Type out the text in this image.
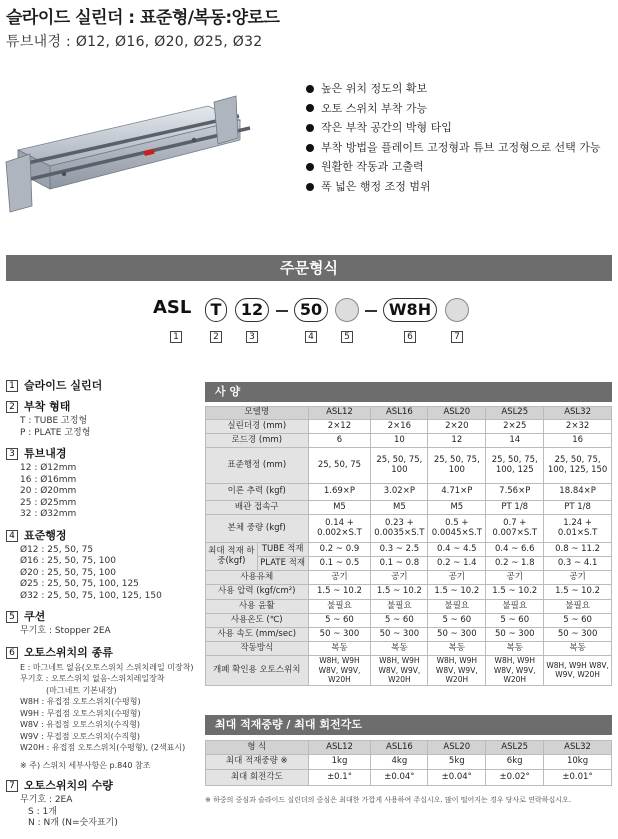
슬라이드 실린더 : 표준형/복동:양로드
튜브내경 : Ø12, Ø16, Ø20, Ø25, Ø32
높은 위치 정도의 확보
오토 스위치 부착 가능
작은 부착 공간의 박형 타입
부착 방법을 플레이트 고정형과 튜브 고정형으로 선택 가능
원활한 작동과 고출력
폭 넓은 행정 조정 범위
주문형식
ASL	T	12	50	W8H
1	2	3	4	5	6	7
1 슬라이드 실린더
2 부착 형태
T : TUBE 고정형
P : PLATE 고정형
3 튜브내경
12 : Ø12mm
16 : Ø16mm
20 : Ø20mm
25 : Ø25mm
32 : Ø32mm
4 표준행정
Ø12 : 25, 50, 75
Ø16 : 25, 50, 75, 100
Ø20 : 25, 50, 75, 100
Ø25 : 25, 50, 75, 100, 125
Ø32 : 25, 50, 75, 100, 125, 150
5 쿠션
무기호 : Stopper 2EA
6 오토스위치의 종류
E : 마그네트 없음(오토스위치 스위치레일 미장착)
무기호 : 오토스위치 없음-스위치레일장착
(마그네트 기본내장)
W8H : 유접점 오토스위치(수평형)
W9H : 무접점 오토스위치(수평형)
W8V : 유접점 오토스위치(수직형)
W9V : 무접점 오토스위치(수직형)
W20H : 유접점 오토스위치(수평형), (2색표시)
※ 주) 스위치 세부사항은 p.840 참조
7 오토스위치의 수량
무기호 : 2EA
S : 1개
N : N개 (N=숫자표기)
사 양
모델명		ASL12	ASL16	ASL20	ASL25	ASL32
실린더경 (mm)		2×12	2×16	2×20	2×25	2×32
로드경 (mm)		6	10	12	14	16
표준행정 (mm)		25, 50, 75	25, 50, 75, 100	25, 50, 75, 100	25, 50, 75, 100, 125	25, 50, 75, 100, 125, 150
이론 추력 (kgf)		1.69×P	3.02×P	4.71×P	7.56×P	18.84×P
배관 접속구		M5	M5	M5	PT 1/8	PT 1/8
본체 중량 (kgf)		0.14 + 0.002×S.T	0.23 + 0.0035×S.T	0.5 + 0.0045×S.T	0.7 + 0.007×S.T	1.24 + 0.01×S.T
최대 적재 하중(kgf)	TUBE 적재	0.2 ~ 0.9	0.3 ~ 2.5	0.4 ~ 4.5	0.4 ~ 6.6	0.8 ~ 11.2
	PLATE 적재	0.1 ~ 0.5	0.1 ~ 0.8	0.2 ~ 1.4	0.2 ~ 1.8	0.3 ~ 4.1
사용유체		공기	공기	공기	공기	공기
사용 압력 (kgf/cm²)		1.5 ~ 10.2	1.5 ~ 10.2	1.5 ~ 10.2	1.5 ~ 10.2	1.5 ~ 10.2
사용 윤활		불필요	불필요	불필요	불필요	불필요
사용온도 (℃)		5 ~ 60	5 ~ 60	5 ~ 60	5 ~ 60	5 ~ 60
사용 속도 (mm/sec)		50 ~ 300	50 ~ 300	50 ~ 300	50 ~ 300	50 ~ 300
작동방식		복동	복동	복동	복동	복동
개폐 확인용 오토스위치		W8H, W9H W8V, W9V, W20H	W8H, W9H W8V, W9V, W20H	W8H, W9H W8V, W9V, W20H	W8H, W9H W8V, W9V, W20H	W8H, W9H W8V, W9V, W20H
최대 적재중량 / 최대 회전각도
형 식	ASL12	ASL16	ASL20	ASL25	ASL32
최대 적재중량 ※	1kg	4kg	5kg	6kg	10kg
최대 회전각도	±0.1°	±0.04°	±0.04°	±0.02°	±0.01°
※ 하중의 중심과 슬라이드 실린더의 중심은 최대한 가깝게 사용하여 주십시오. 많이 떨어지는 경우 당사로 연락하십시오.
